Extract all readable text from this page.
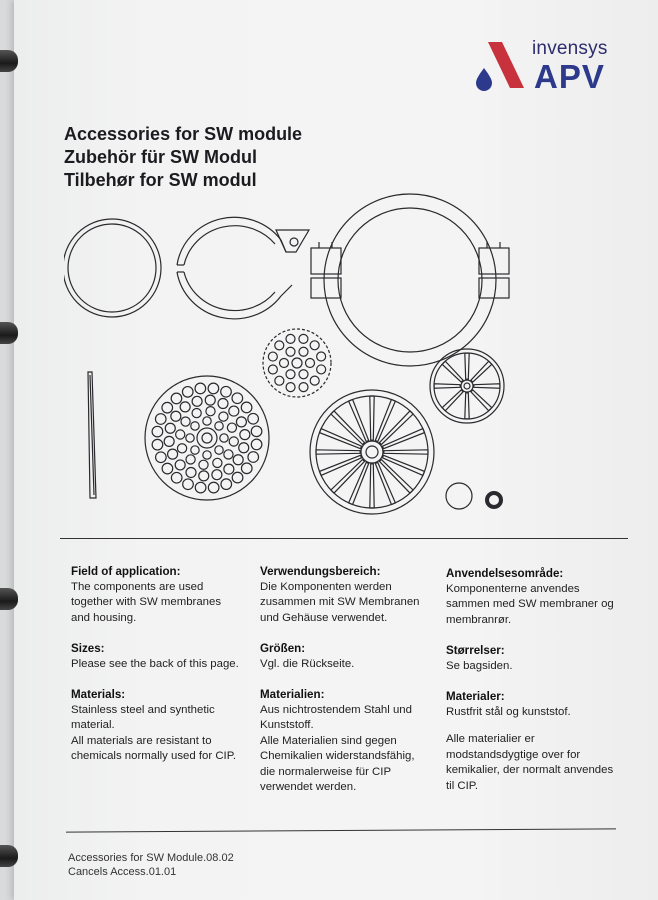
invensys
APV
Accessories for SW module
Zubehör für SW Modul
Tilbehør for SW modul
Field of application:
The components are used
together with SW membranes
and housing.
Sizes:
Please see the back of this page.
Materials:
Stainless steel and synthetic
material.
All materials are resistant to
chemicals normally used for CIP.
Verwendungsbereich:
Die Komponenten werden
zusammen mit SW Membranen
und Gehäuse verwendet.
Größen:
Vgl. die Rückseite.
Materialien:
Aus nichtrostendem Stahl und
Kunststoff.
Alle Materialien sind gegen
Chemikalien widerstandsfähig,
die normalerweise für CIP
verwendet werden.
Anvendelsesområde:
Komponenterne anvendes
sammen med SW membraner og
membranrør.
Størrelser:
Se bagsiden.
Materialer:
Rustfrit stål og kunststof.
Alle materialier er
modstandsdygtige over for
kemikalier, der normalt anvendes
til CIP.
Accessories for SW Module.08.02
Cancels Access.01.01
